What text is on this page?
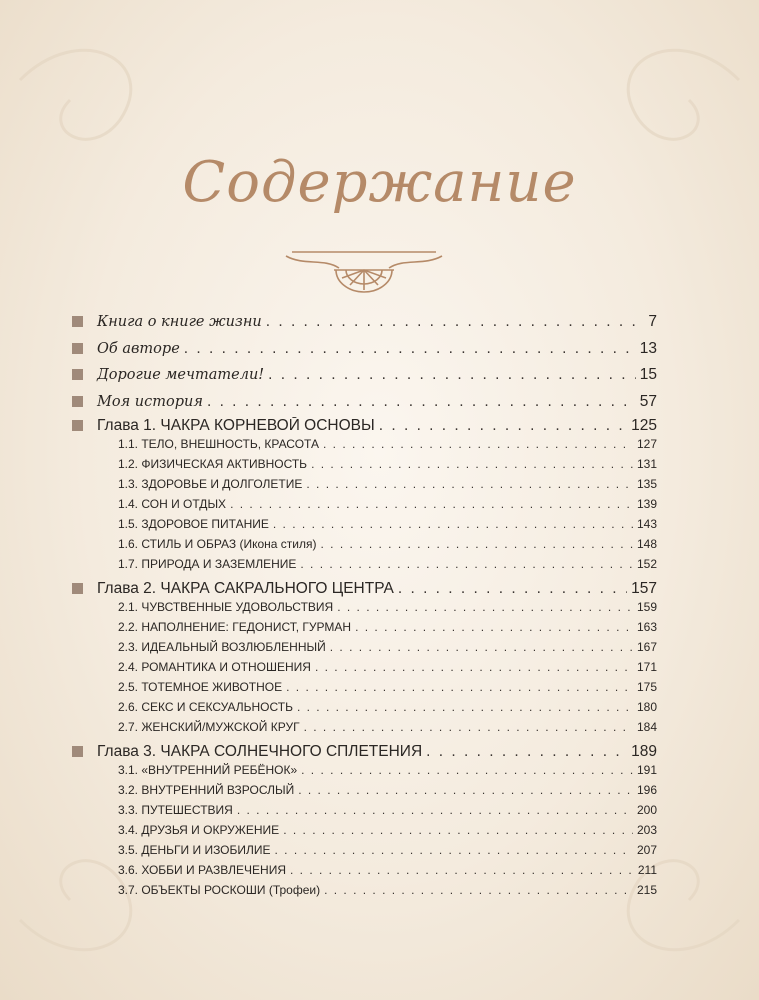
Содержание
Книга о книге жизни . . .	7
Об авторе . . .	13
Дорогие мечтатели! . . .	15
Моя история . . .	57
Глава 1. ЧАКРА КОРНЕВОЙ ОСНОВЫ . . .	125
1.1. ТЕЛО, ВНЕШНОСТЬ, КРАСОТА . . .	127
1.2. ФИЗИЧЕСКАЯ АКТИВНОСТЬ . . .	131
1.3. ЗДОРОВЬЕ И ДОЛГОЛЕТИЕ . . .	135
1.4. СОН И ОТДЫХ . . .	139
1.5. ЗДОРОВОЕ ПИТАНИЕ . . .	143
1.6. СТИЛЬ И ОБРАЗ (Икона стиля) . . .	148
1.7. ПРИРОДА И ЗАЗЕМЛЕНИЕ . . .	152
Глава 2. ЧАКРА САКРАЛЬНОГО ЦЕНТРА . . .	157
2.1. ЧУВСТВЕННЫЕ УДОВОЛЬСТВИЯ . . .	159
2.2. НАПОЛНЕНИЕ: ГЕДОНИСТ, ГУРМАН . . .	163
2.3. ИДЕАЛЬНЫЙ ВОЗЛЮБЛЕННЫЙ . . .	167
2.4. РОМАНТИКА И ОТНОШЕНИЯ . . .	171
2.5. ТОТЕМНОЕ ЖИВОТНОЕ . . .	175
2.6. СЕКС И СЕКСУАЛЬНОСТЬ . . .	180
2.7. ЖЕНСКИЙ/МУЖСКОЙ КРУГ . . .	184
Глава 3. ЧАКРА СОЛНЕЧНОГО СПЛЕТЕНИЯ . . .	189
3.1. «ВНУТРЕННИЙ РЕБЁНОК» . . .	191
3.2. ВНУТРЕННИЙ ВЗРОСЛЫЙ . . .	196
3.3. ПУТЕШЕСТВИЯ . . .	200
3.4. ДРУЗЬЯ И ОКРУЖЕНИЕ . . .	203
3.5. ДЕНЬГИ И ИЗОБИЛИЕ . . .	207
3.6. ХОББИ И РАЗВЛЕЧЕНИЯ . . .	211
3.7. ОБЪЕКТЫ РОСКОШИ (Трофеи) . . .	215
